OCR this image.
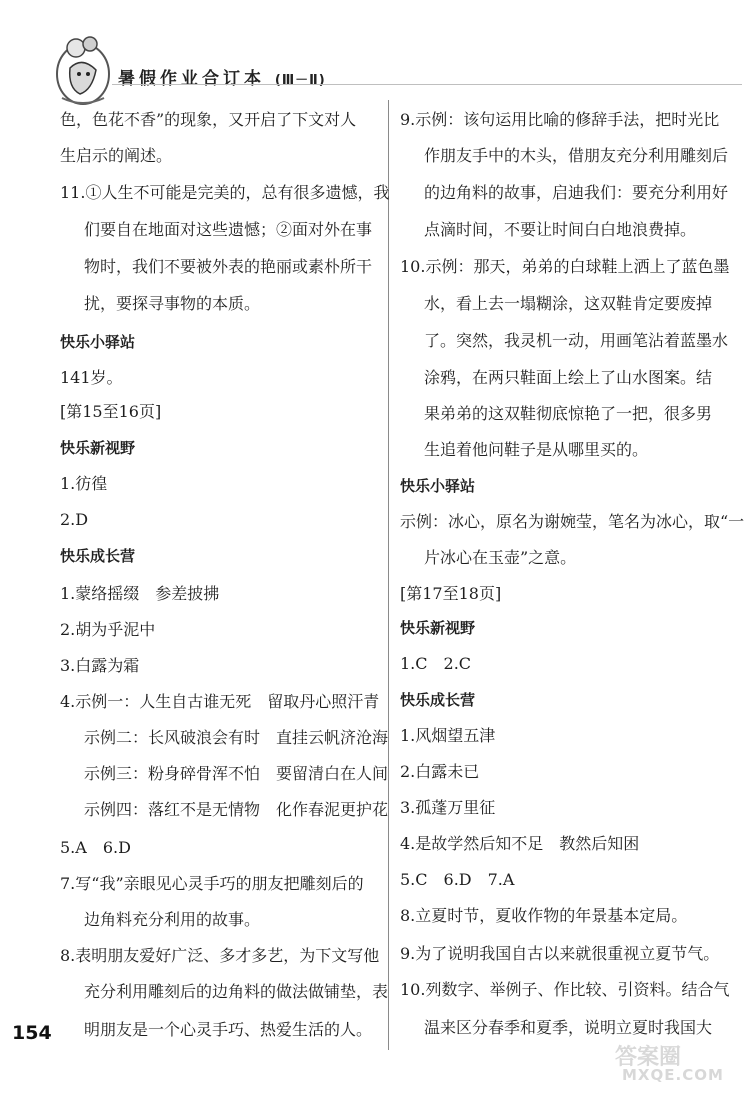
暑假作业合订本 (Ⅲ－Ⅱ)
色，色花不香”的现象，又开启了下文对人
生启示的阐述。
11.①人生不可能是完美的，总有很多遗憾，我
们要自在地面对这些遗憾；②面对外在事
物时，我们不要被外表的艳丽或素朴所干
扰，要探寻事物的本质。
快乐小驿站
141岁。
[第15至16页]
快乐新视野
1.彷徨
2.D
快乐成长营
1.蒙络摇缀　参差披拂
2.胡为乎泥中
3.白露为霜
4.示例一：人生自古谁无死　留取丹心照汗青
示例二：长风破浪会有时　直挂云帆济沧海
示例三：粉身碎骨浑不怕　要留清白在人间
示例四：落红不是无情物　化作春泥更护花
5.A　6.D
7.写“我”亲眼见心灵手巧的朋友把雕刻后的
边角料充分利用的故事。
8.表明朋友爱好广泛、多才多艺，为下文写他
充分利用雕刻后的边角料的做法做铺垫，表
明朋友是一个心灵手巧、热爱生活的人。
9.示例：该句运用比喻的修辞手法，把时光比
作朋友手中的木头，借朋友充分利用雕刻后
的边角料的故事，启迪我们：要充分利用好
点滴时间，不要让时间白白地浪费掉。
10.示例：那天，弟弟的白球鞋上洒上了蓝色墨
水，看上去一塌糊涂，这双鞋肯定要废掉
了。突然，我灵机一动，用画笔沾着蓝墨水
涂鸦，在两只鞋面上绘上了山水图案。结
果弟弟的这双鞋彻底惊艳了一把，很多男
生追着他问鞋子是从哪里买的。
快乐小驿站
示例：冰心，原名为谢婉莹，笔名为冰心，取“一
片冰心在玉壶”之意。
[第17至18页]
快乐新视野
1.C　2.C
快乐成长营
1.风烟望五津
2.白露未已
3.孤蓬万里征
4.是故学然后知不足　教然后知困
5.C　6.D　7.A
8.立夏时节，夏收作物的年景基本定局。
9.为了说明我国自古以来就很重视立夏节气。
10.列数字、举例子、作比较、引资料。结合气
温来区分春季和夏季，说明立夏时我国大
154
答案圈
MXQE.COM
